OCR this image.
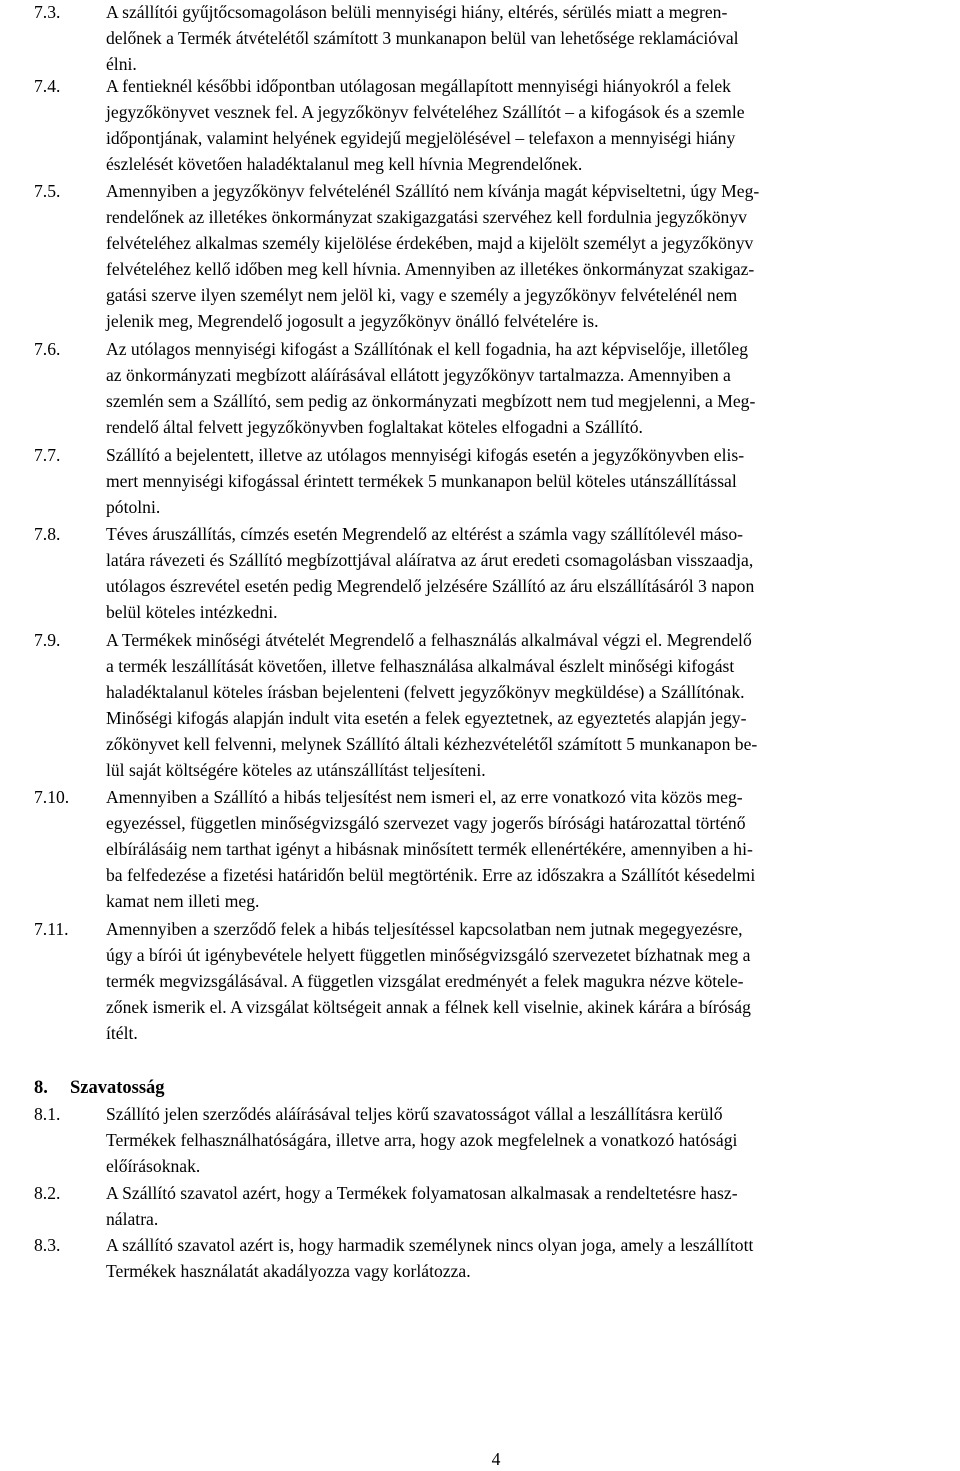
7.3.	A szállítói gyűjtőcsomagoláson belüli mennyiségi hiány, eltérés, sérülés miatt a megren-
delőnek a Termék átvételétől számított 3 munkanapon belül van lehetősége reklamációval
élni.
7.4.	A fentieknél későbbi időpontban utólagosan megállapított mennyiségi hiányokról a felek
jegyzőkönyvet vesznek fel. A jegyzőkönyv felvételéhez Szállítót – a kifogások és a szemle
időpontjának, valamint helyének egyidejű megjelölésével – telefaxon a mennyiségi hiány
észlelését követően haladéktalanul meg kell hívnia Megrendelőnek.
7.5.	Amennyiben a jegyzőkönyv felvételénél Szállító nem kívánja magát képviseltetni, úgy Meg-
rendelőnek az illetékes önkormányzat szakigazgatási szervéhez kell fordulnia jegyzőkönyv
felvételéhez alkalmas személy kijelölése érdekében, majd a kijelölt személyt a jegyzőkönyv
felvételéhez kellő időben meg kell hívnia. Amennyiben az illetékes önkormányzat szakigaz-
gatási szerve ilyen személyt nem jelöl ki, vagy e személy a jegyzőkönyv felvételénél nem
jelenik meg, Megrendelő jogosult a jegyzőkönyv önálló felvételére is.
7.6.	Az utólagos mennyiségi kifogást a Szállítónak el kell fogadnia, ha azt képviselője, illetőleg
az önkormányzati megbízott aláírásával ellátott jegyzőkönyv tartalmazza. Amennyiben a
szemlén sem a Szállító, sem pedig az önkormányzati megbízott nem tud megjelenni, a Meg-
rendelő által felvett jegyzőkönyvben foglaltakat köteles elfogadni a Szállító.
7.7.	Szállító a bejelentett, illetve az utólagos mennyiségi kifogás esetén a jegyzőkönyvben elis-
mert mennyiségi kifogással érintett termékek 5 munkanapon belül köteles utánszállítással
pótolni.
7.8.	Téves áruszállítás, címzés esetén Megrendelő az eltérést a számla vagy szállítólevél máso-
latára rávezeti és Szállító megbízottjával aláíratva az árut eredeti csomagolásban visszaadja,
utólagos észrevétel esetén pedig Megrendelő jelzésére Szállító az áru elszállításáról 3 napon
belül köteles intézkedni.
7.9.	A Termékek minőségi átvételét Megrendelő a felhasználás alkalmával végzi el. Megrendelő
a termék leszállítását követően, illetve felhasználása alkalmával észlelt minőségi kifogást
haladéktalanul köteles írásban bejelenteni (felvett jegyzőkönyv megküldése) a Szállítónak.
Minőségi kifogás alapján indult vita esetén a felek egyeztetnek, az egyeztetés alapján jegy-
zőkönyvet kell felvenni, melynek Szállító általi kézhezvételétől számított 5 munkanapon be-
lül saját költségére köteles az utánszállítást teljesíteni.
7.10. Amennyiben a Szállító a hibás teljesítést nem ismeri el, az erre vonatkozó vita közös meg-
egyezéssel, független minőségvizsgáló szervezet vagy jogerős bírósági határozattal történő
elbírálásáig nem tarthat igényt a hibásnak minősített termék ellenértékére, amennyiben a hi-
ba felfedezése a fizetési határidőn belül megtörténik. Erre az időszakra a Szállítót késedelmi
kamat nem illeti meg.
7.11. Amennyiben a szerződő felek a hibás teljesítéssel kapcsolatban nem jutnak megegyezésre,
úgy a bírói út igénybevétele helyett független minőségvizsgáló szervezetet bízhatnak meg a
termék megvizsgálásával. A független vizsgálat eredményét a felek magukra nézve kötele-
zőnek ismerik el. A vizsgálat költségeit annak a félnek kell viselnie, akinek kárára a bíróság
ítélt.
8. Szavatosság
8.1.	Szállító jelen szerződés aláírásával teljes körű szavatosságot vállal a leszállításra kerülő
Termékek felhasználhatóságára, illetve arra, hogy azok megfelelnek a vonatkozó hatósági
előírásoknak.
8.2.	A Szállító szavatol azért, hogy a Termékek folyamatosan alkalmasak a rendeltetésre hasz-
nálatra.
8.3.	A szállító szavatol azért is, hogy harmadik személynek nincs olyan joga, amely a leszállított
Termékek használatát akadályozza vagy korlátozza.
4
